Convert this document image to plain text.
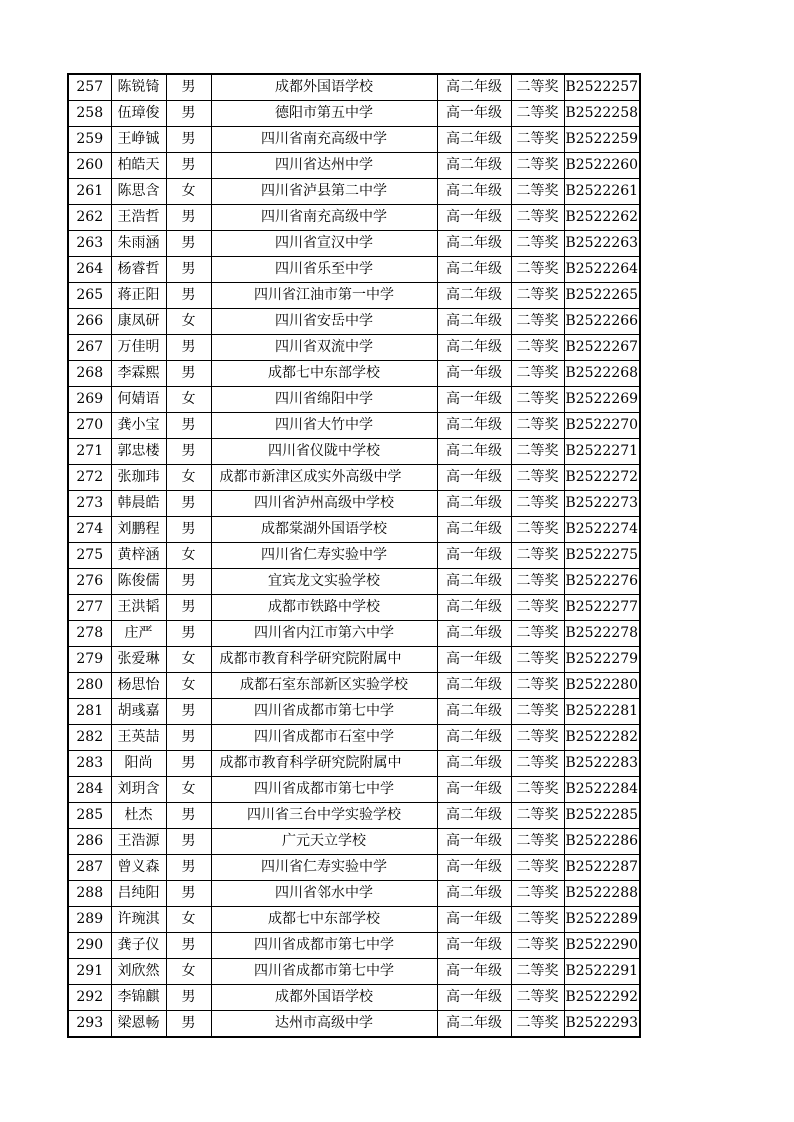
257	陈锐锜	男	成都外国语学校	高二年级	二等奖	B2522257
258	伍璋俊	男	德阳市第五中学	高一年级	二等奖	B2522258
259	王峥铖	男	四川省南充高级中学	高二年级	二等奖	B2522259
260	柏皓天	男	四川省达州中学	高二年级	二等奖	B2522260
261	陈思含	女	四川省泸县第二中学	高二年级	二等奖	B2522261
262	王浩哲	男	四川省南充高级中学	高一年级	二等奖	B2522262
263	朱雨涵	男	四川省宣汉中学	高二年级	二等奖	B2522263
264	杨睿哲	男	四川省乐至中学	高二年级	二等奖	B2522264
265	蒋正阳	男	四川省江油市第一中学	高二年级	二等奖	B2522265
266	康凤研	女	四川省安岳中学	高二年级	二等奖	B2522266
267	万佳明	男	四川省双流中学	高二年级	二等奖	B2522267
268	李霖熙	男	成都七中东部学校	高一年级	二等奖	B2522268
269	何婧语	女	四川省绵阳中学	高一年级	二等奖	B2522269
270	龚小宝	男	四川省大竹中学	高二年级	二等奖	B2522270
271	郭忠楼	男	四川省仪陇中学校	高二年级	二等奖	B2522271
272	张珈玮	女	成都市新津区成实外高级中学	高一年级	二等奖	B2522272
273	韩晨皓	男	四川省泸州高级中学校	高二年级	二等奖	B2522273
274	刘鹏程	男	成都棠湖外国语学校	高二年级	二等奖	B2522274
275	黄梓涵	女	四川省仁寿实验中学	高一年级	二等奖	B2522275
276	陈俊儒	男	宜宾龙文实验学校	高二年级	二等奖	B2522276
277	王洪韬	男	成都市铁路中学校	高二年级	二等奖	B2522277
278	庄严	男	四川省内江市第六中学	高二年级	二等奖	B2522278
279	张爱琳	女	成都市教育科学研究院附属中	高一年级	二等奖	B2522279
280	杨思怡	女	成都石室东部新区实验学校	高二年级	二等奖	B2522280
281	胡彧嘉	男	四川省成都市第七中学	高二年级	二等奖	B2522281
282	王英喆	男	四川省成都市石室中学	高二年级	二等奖	B2522282
283	阳尚	男	成都市教育科学研究院附属中	高二年级	二等奖	B2522283
284	刘玥含	女	四川省成都市第七中学	高一年级	二等奖	B2522284
285	杜杰	男	四川省三台中学实验学校	高二年级	二等奖	B2522285
286	王浩源	男	广元天立学校	高一年级	二等奖	B2522286
287	曾义森	男	四川省仁寿实验中学	高一年级	二等奖	B2522287
288	吕纯阳	男	四川省邻水中学	高二年级	二等奖	B2522288
289	许琬淇	女	成都七中东部学校	高一年级	二等奖	B2522289
290	龚子仪	男	四川省成都市第七中学	高一年级	二等奖	B2522290
291	刘欣然	女	四川省成都市第七中学	高一年级	二等奖	B2522291
292	李锦麒	男	成都外国语学校	高一年级	二等奖	B2522292
293	梁恩畅	男	达州市高级中学	高二年级	二等奖	B2522293
